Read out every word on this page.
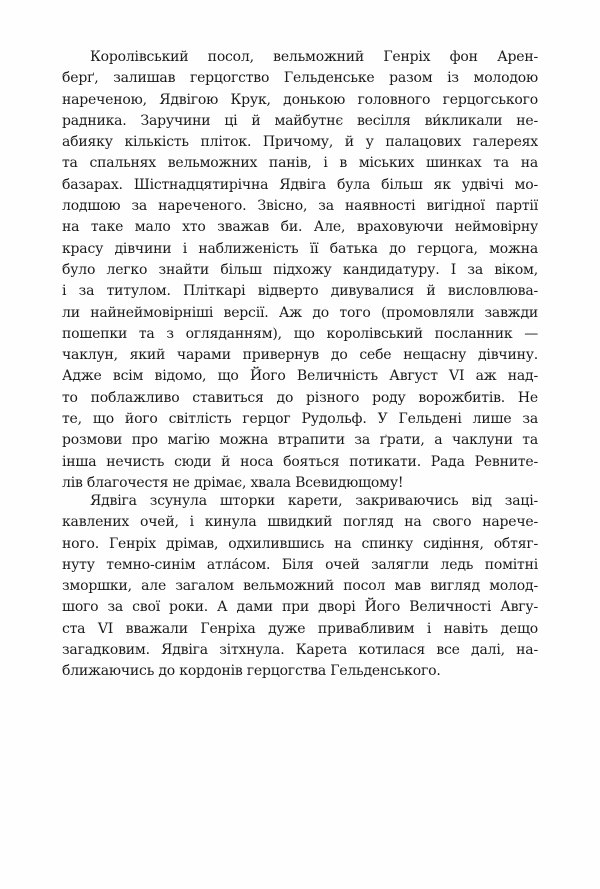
Королівський посол, вельможний Генріх фон Арен-
берґ, залишав герцогство Гельденське разом із молодою
нареченою, Ядвігою Крук, донькою головного герцогського
радника. Заручини ці й майбутнє весілля ви́кликали не-
абияку кількість пліток. Причому, й у палацових галереях
та спальнях вельможних панів, і в міських шинках та на
базарах. Шістнадцятирічна Ядвіга була більш як удвічі мо-
лодшою за нареченого. Звісно, за наявності вигідної партії
на таке мало хто зважав би. Але, враховуючи неймовірну
красу дівчини і наближеність її батька до герцога, можна
було легко знайти більш підхожу кандидатуру. І за віком,
і за титулом. Пліткарі відверто дивувалися й висловлюва-
ли найнеймовірніші версії. Аж до того (промовляли завжди
пошепки та з огляданням), що королівський посланник —
чаклун, який чарами привернув до себе нещасну дівчину.
Адже всім відомо, що Його Величність Август VI аж над-
то поблажливо ставиться до різного роду ворожбитів. Не
те, що його світлість герцог Рудольф. У Гельдені лише за
розмови про магію можна втрапити за ґрати, а чаклуни та
інша нечисть сюди й носа бояться потикати. Рада Ревните-
лів благочестя не дрімає, хвала Всевидющому!
Ядвіга зсунула шторки карети, закриваючись від заці-
кавлених очей, і кинула швидкий погляд на свого нарече-
ного. Генріх дрімав, одхилившись на спинку сидіння, обтяг-
нуту темно-синім атла́сом. Біля очей залягли ледь помітні
зморшки, але загалом вельможний посол мав вигляд молод-
шого за свої роки. А дами при дворі Його Величності Авгу-
ста VI вважали Генріха дуже привабливим і навіть дещо
загадковим. Ядвіга зітхнула. Карета котилася все далі, на-
ближаючись до кордонів герцогства Гельденського.
